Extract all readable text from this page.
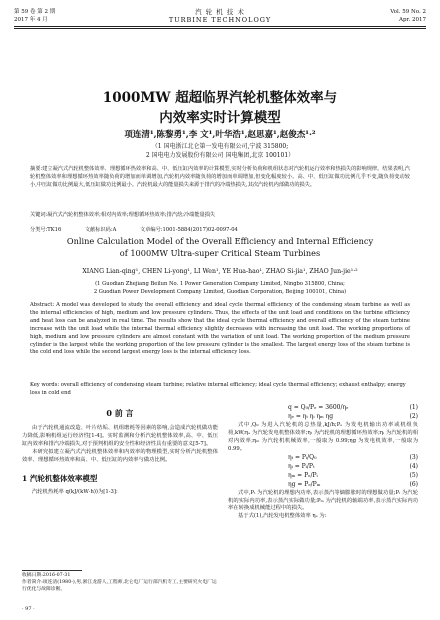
第 59 卷 第 2 期
2017 年 4 月
汽 轮 机 技 术
TURBINE TECHNOLOGY
Vol. 59 No. 2
Apr. 2017
1000MW 超超临界汽轮机整体效率与
内效率实时计算模型
项连清¹,陈黎勇¹,李 文¹,叶华浩¹,赵思嘉¹,赵俊杰¹·²
（1 国电浙江北仑第一发电有限公司,宁波 315800;
2 国电电力发展股份有限公司 国电集团,北京 100101）
摘要:建立凝汽式汽轮机整体效率、理想循环热效率和高、中、低压缸内效率的计算模型,实时分析负荷和机组状态对汽轮机运行效率和热损失的影响规律。结果表明,汽轮机整体效率和理想循环热效率随负荷的增加而单调增加,汽轮机内效率随负荷的增加而单调增加,但变化幅度较小。高、中、低压缸做功比例几乎不变,随负荷变动较小,中压缸做功比例最大,低压缸做功比例最小。汽轮机最大的能量损失来源于排汽的冷端热损失,其次汽轮机内部做功的损失。
关键词:凝汽式汽轮机整体效率;相对内效率;理想循环热效率;排汽焓;冷端能量损失
分类号:TK16	文献标识码:A	文章编号:1001-5884(2017)02-0097-04
Online Calculation Model of the Overall Efficiency and Internal Efficiency
of 1000MW Ultra-super Critical Steam Turbines
XIANG Lian-qing¹, CHEN Li-yong¹, LI Wen¹, YE Hua-hao¹, ZHAO Si-jia¹, ZHAO Jun-jie¹·²
(1 Guodian Zhejiang Beilun No. 1 Power Generation Company Limited, Ningbo 315800, China;
2 Guodian Power Development Company Limited, Guodian Corporation, Beijing 100101, China)
Abstract: A model was developed to study the overall efficiency and ideal cycle thermal efficiency of the condensing steam turbine as well as the internal efficiencies of high, medium and low pressure cylinders. Thus, the effects of the unit load and conditions on the turbine efficiency and heat loss can be analyzed in real time. The results show that the ideal cycle thermal efficiency and overall efficiency of the steam turbine increase with the unit load while the internal thermal efficiency slightly decreases with increasing the unit load. The working proportions of high, medium and low pressure cylinders are almost constant with the variation of unit load. The working proportion of the medium pressure cylinder is the largest while the working proportion of the low pressure cylinder is the smallest. The largest energy loss of the steam turbine is the cold end loss while the second largest energy loss is the internal efficiency loss.
Key words: overall efficiency of condensing steam turbine; relative internal efficiency; ideal cycle thermal efficiency; exhaust enthalpy; energy loss in cold end
0 前 言
由于汽轮机通流改造、叶片结垢、机组磨耗等因素的影响,会造成汽轮机做功能力降低,影响机组运行经济性[1-4]。实时监测和分析汽轮机整体效率,高、中、低压缸内效率和排汽冷端损失,对于预判机组的安全性和经济性具有重要的意义[5-7]。
本研究拟建立凝汽式汽轮机整体效率和内效率的物理模型,实时分析汽轮机整体效率、理想循环热效率和高、中、低压缸的内效率与做功比例。
1 汽轮机整体效率模型
汽轮机热耗率 q(kJ/(kW·h))为[1-3]:
q = Q₀/Pₑ = 3600/ηₑ	(1)
ηₑ = ηₜ ηᵢ ηₘ ηg	(2)
式中,Q₀ 为进入汽轮机的总热量,kJ/h;Pₑ 为发电机输出功率或机组负荷,kW;ηₑ 为汽轮发电机整体效率;ηₜ 为汽轮机的理想循环热效率;ηᵢ 为汽轮机的相对内效率;ηₘ 为汽轮机机械效率,一般取为 0.99;ηg 为发电机效率,一般取为 0.99。
ηₜ = Pᵢ/Q₀	(3)
ηᵢ = Pᵢ/Pₜ	(4)
ηₘ = Pₑ/Pᵢ	(5)
ηg = Pₑ/Pₘ	(6)
式中,Pₜ 为汽轮机的理想内功率,表示蒸汽等熵膨胀时的理想做功量;Pᵢ 为汽轮机的实际内功率,表示蒸汽实际做功量;Pₘ 为汽轮机的轴端功率,表示蒸汽实际内功率在转换成机械能过程中的损失。
基于式(1),汽轮发电机整体效率 ηₑ 为:
收稿日期:2016-07-31
作者简介:项连清(1980-),男,浙江龙游人,工程师,北仑电厂运行部汽机专工,主要研究火电厂运行优化与故障诊断。
· 97 ·
